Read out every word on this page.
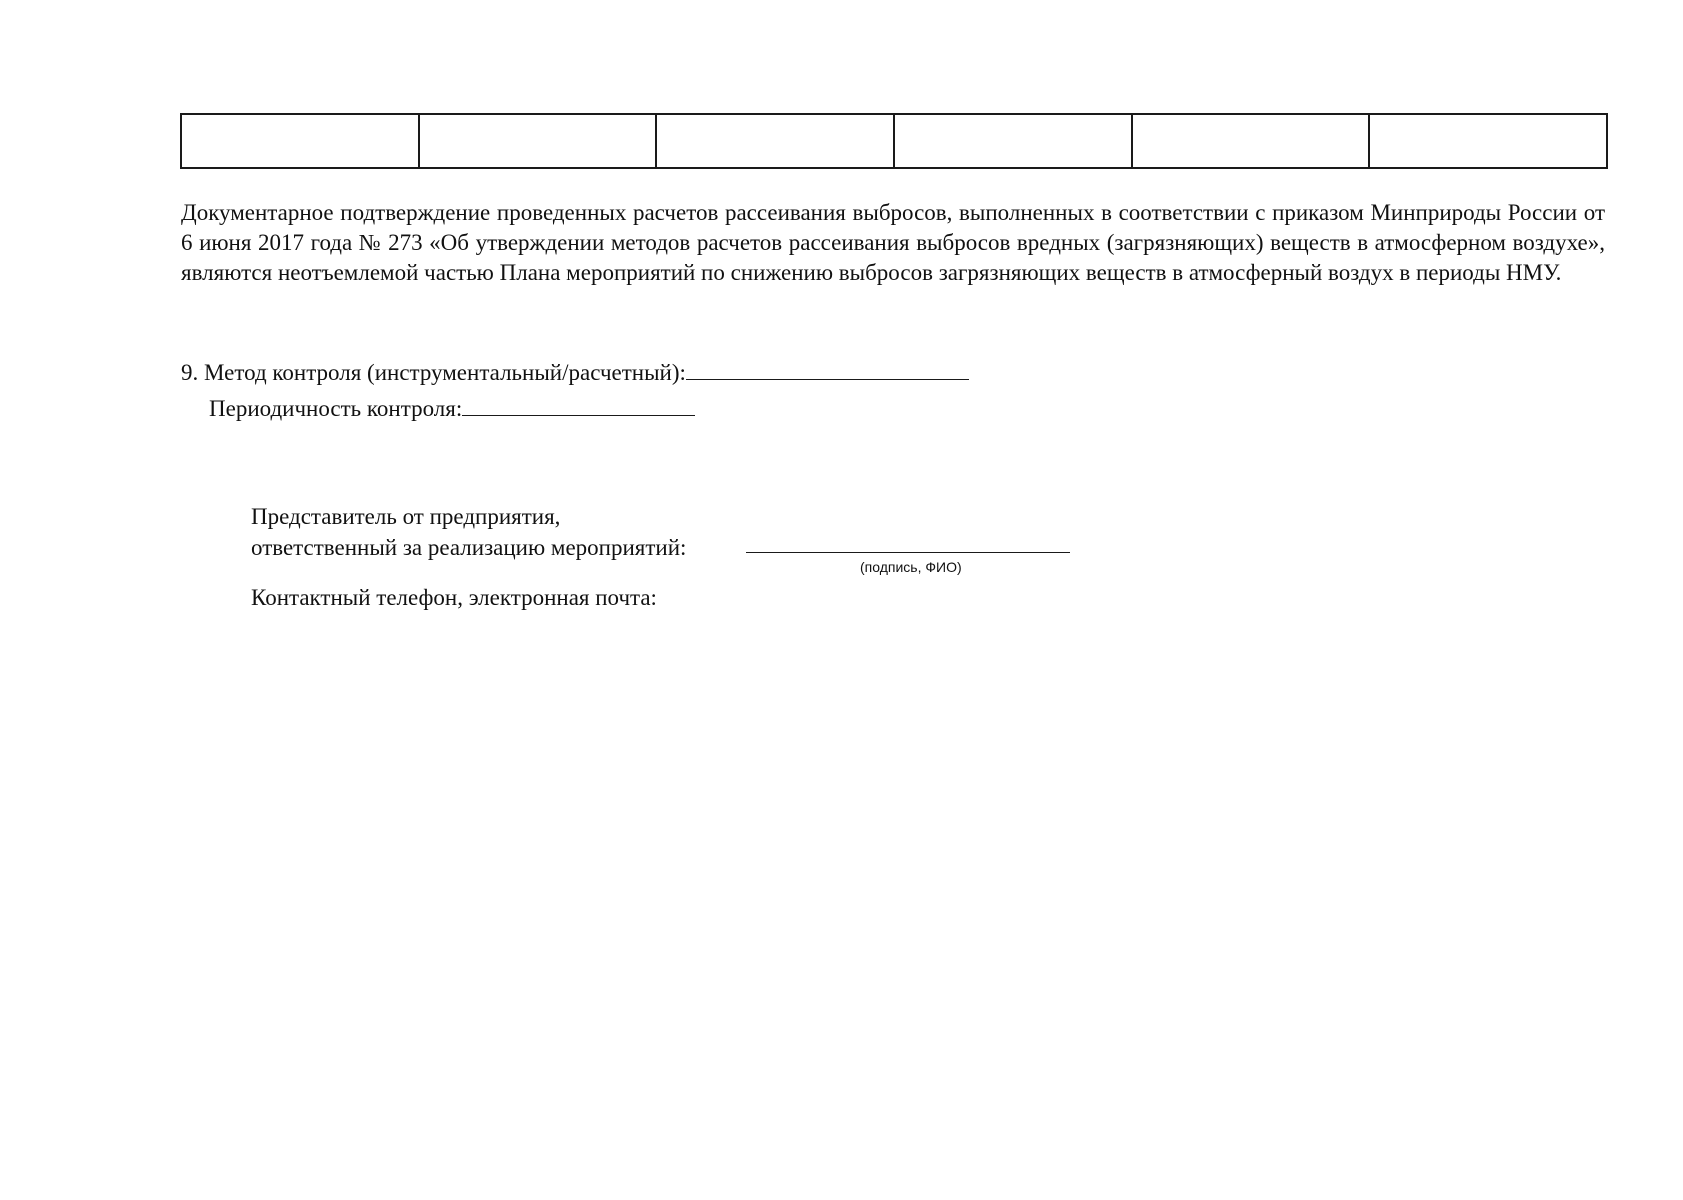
Документарное подтверждение проведенных расчетов рассеивания выбросов, выполненных в соответствии с приказом Минприроды России от 6 июня 2017 года № 273 «Об утверждении методов расчетов рассеивания выбросов вредных (загрязняющих) веществ в атмосферном воздухе», являются неотъемлемой частью Плана мероприятий по снижению выбросов загрязняющих веществ в атмосферный воздух в периоды НМУ.

9. Метод контроля (инструментальный/расчетный):
Периодичность контроля:
Представитель от предприятия,
ответственный за реализацию мероприятий:
(подпись, ФИО)
Контактный телефон, электронная почта:
